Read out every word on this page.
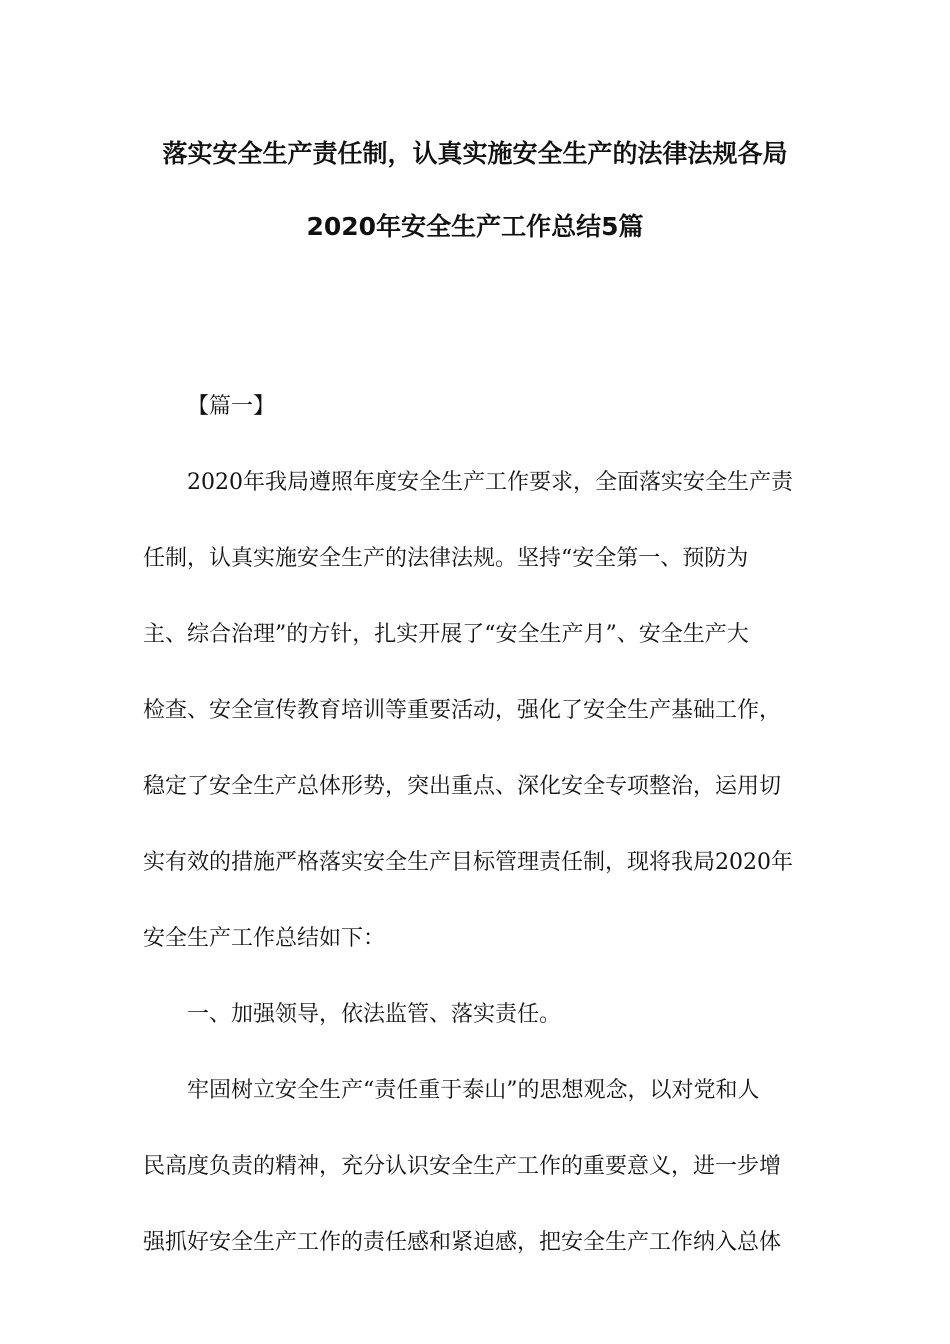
落实安全生产责任制，认真实施安全生产的法律法规各局
2020年安全生产工作总结5篇

【篇一】

2020年我局遵照年度安全生产工作要求，全面落实安全生产责
任制，认真实施安全生产的法律法规。坚持“安全第一、预防为
主、综合治理”的方针，扎实开展了“安全生产月”、安全生产大
检查、安全宣传教育培训等重要活动，强化了安全生产基础工作，
稳定了安全生产总体形势，突出重点、深化安全专项整治，运用切
实有效的措施严格落实安全生产目标管理责任制，现将我局2020年
安全生产工作总结如下：

一、加强领导，依法监管、落实责任。

牢固树立安全生产“责任重于泰山”的思想观念，以对党和人
民高度负责的精神，充分认识安全生产工作的重要意义，进一步增
强抓好安全生产工作的责任感和紧迫感，把安全生产工作纳入总体
